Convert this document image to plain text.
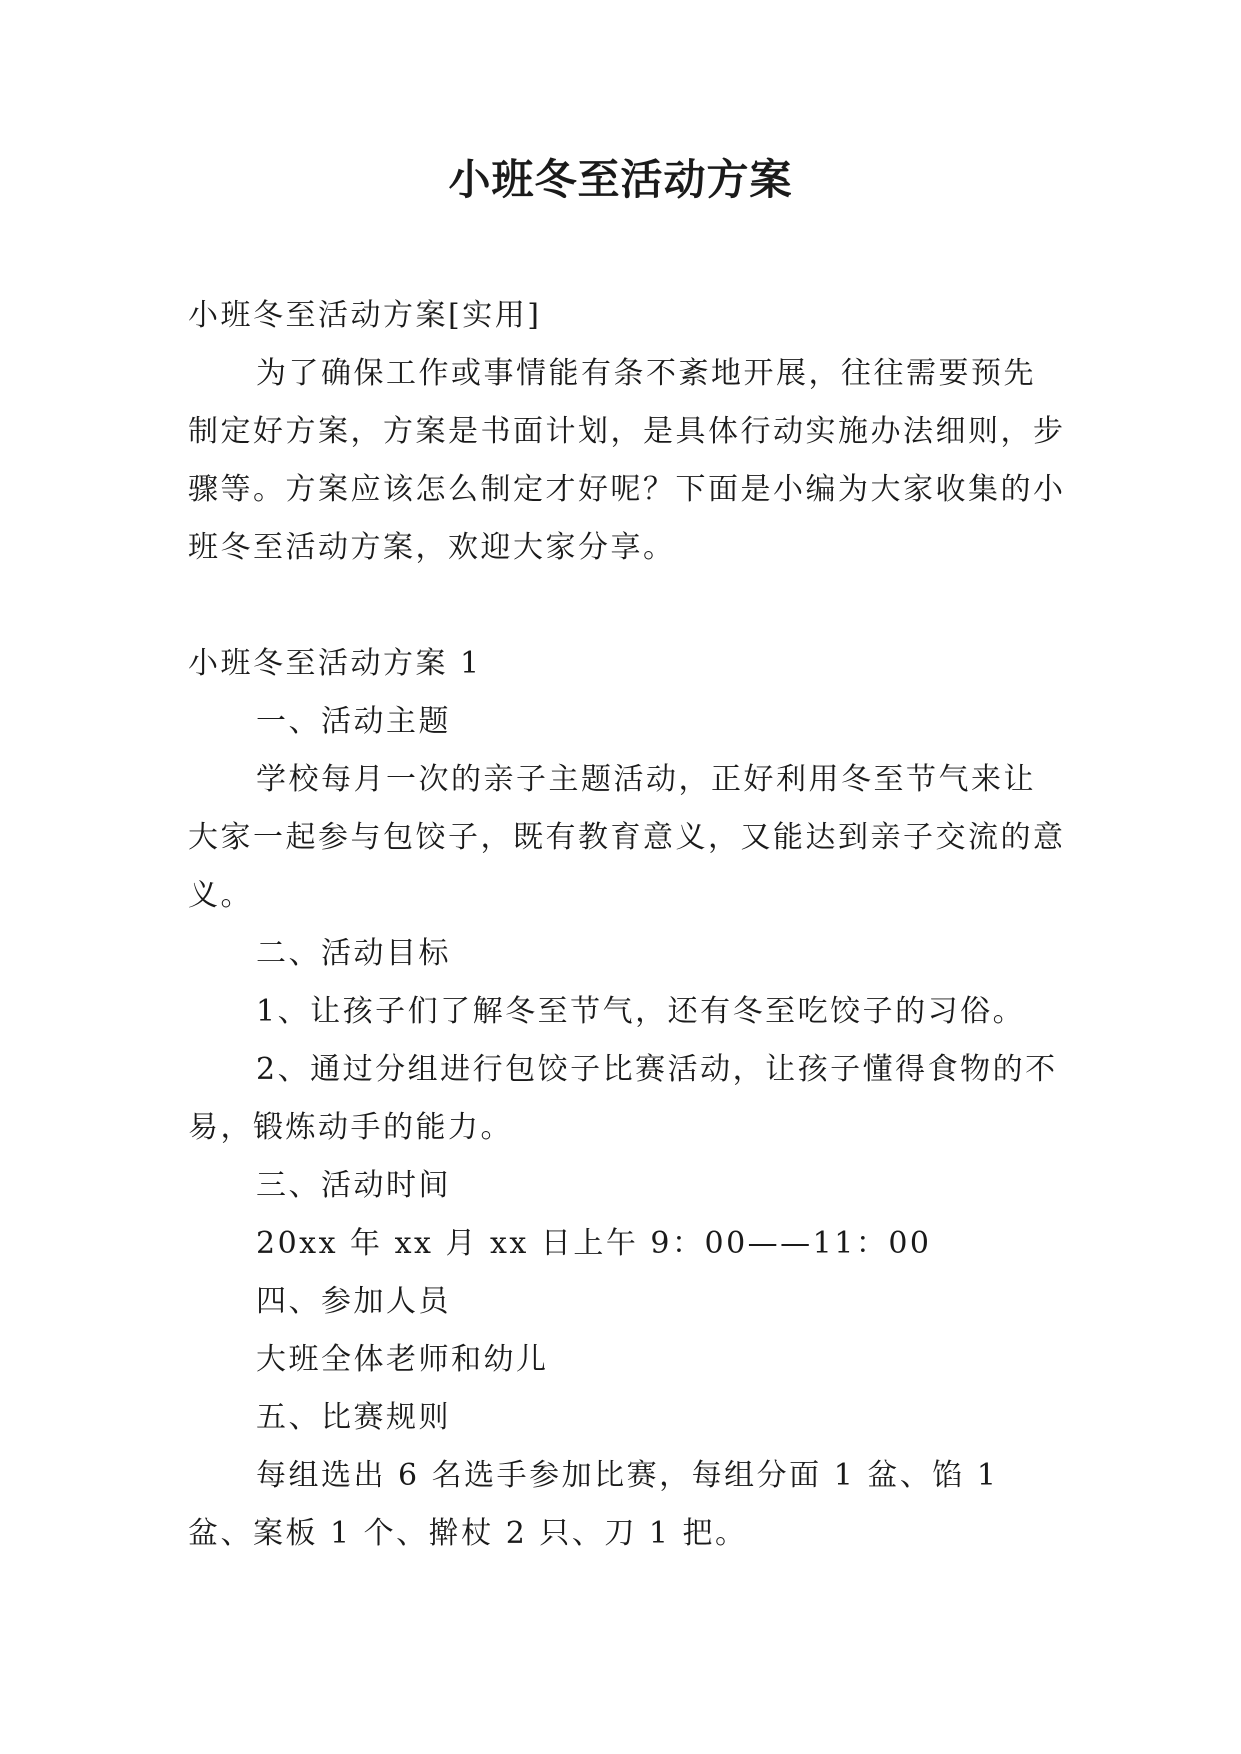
小班冬至活动方案

小班冬至活动方案[实用]

为了确保工作或事情能有条不紊地开展，往往需要预先制定好方案，方案是书面计划，是具体行动实施办法细则，步骤等。方案应该怎么制定才好呢？下面是小编为大家收集的小班冬至活动方案，欢迎大家分享。

小班冬至活动方案 1

一、活动主题

学校每月一次的亲子主题活动，正好利用冬至节气来让大家一起参与包饺子，既有教育意义，又能达到亲子交流的意义。

二、活动目标

1、让孩子们了解冬至节气，还有冬至吃饺子的习俗。

2、通过分组进行包饺子比赛活动，让孩子懂得食物的不易，锻炼动手的能力。

三、活动时间

20xx 年 xx 月 xx 日上午 9：00——11：00

四、参加人员

大班全体老师和幼儿

五、比赛规则

每组选出 6 名选手参加比赛，每组分面 1 盆、馅 1 盆、案板 1 个、擀杖 2 只、刀 1 把。
